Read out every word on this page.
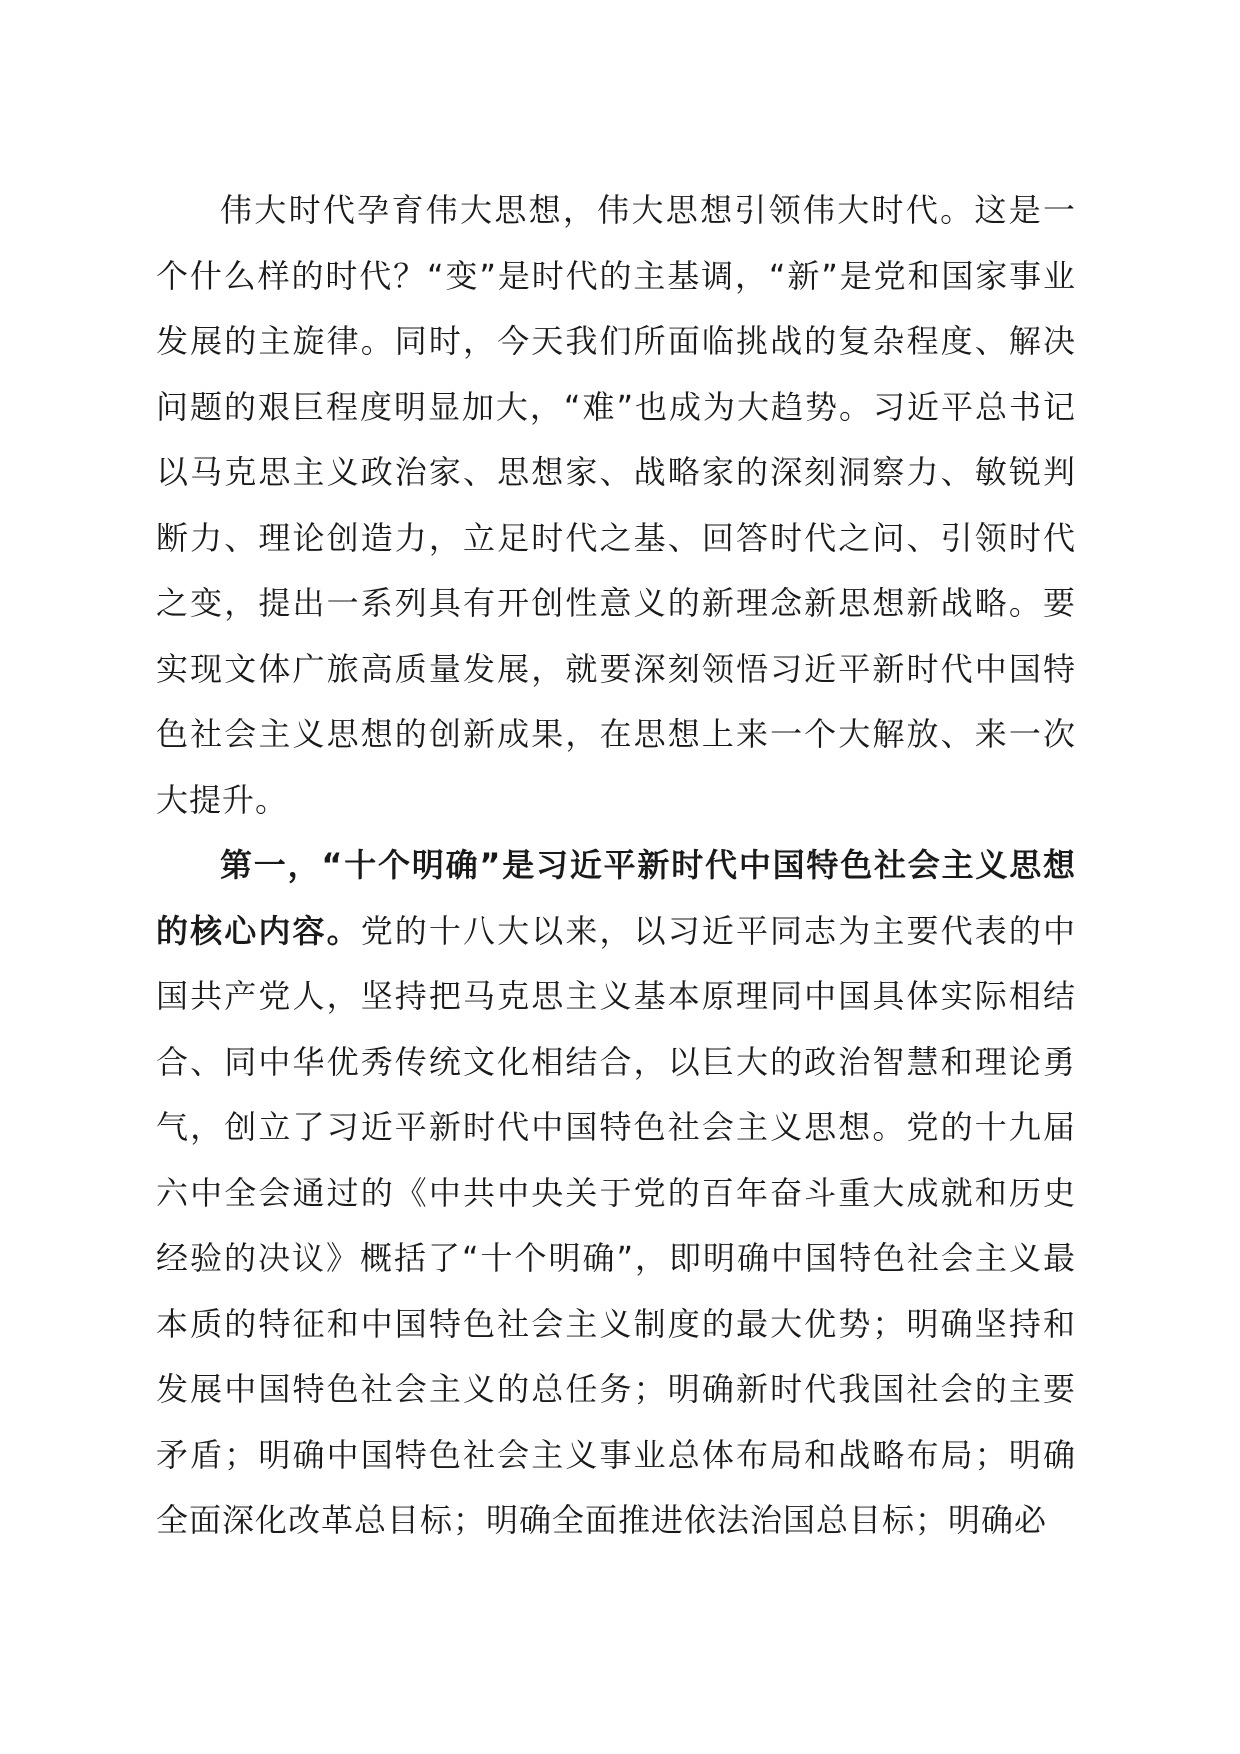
伟大时代孕育伟大思想，伟大思想引领伟大时代。这是一个什么样的时代？“变”是时代的主基调，“新”是党和国家事业发展的主旋律。同时，今天我们所面临挑战的复杂程度、解决问题的艰巨程度明显加大，“难”也成为大趋势。习近平总书记以马克思主义政治家、思想家、战略家的深刻洞察力、敏锐判断力、理论创造力，立足时代之基、回答时代之问、引领时代之变，提出一系列具有开创性意义的新理念新思想新战略。要实现文体广旅高质量发展，就要深刻领悟习近平新时代中国特色社会主义思想的创新成果，在思想上来一个大解放、来一次大提升。

第一，“十个明确”是习近平新时代中国特色社会主义思想的核心内容。党的十八大以来，以习近平同志为主要代表的中国共产党人，坚持把马克思主义基本原理同中国具体实际相结合、同中华优秀传统文化相结合，以巨大的政治智慧和理论勇气，创立了习近平新时代中国特色社会主义思想。党的十九届六中全会通过的《中共中央关于党的百年奋斗重大成就和历史经验的决议》概括了“十个明确”，即明确中国特色社会主义最本质的特征和中国特色社会主义制度的最大优势；明确坚持和发展中国特色社会主义的总任务；明确新时代我国社会的主要矛盾；明确中国特色社会主义事业总体布局和战略布局；明确全面深化改革总目标；明确全面推进依法治国总目标；明确必
